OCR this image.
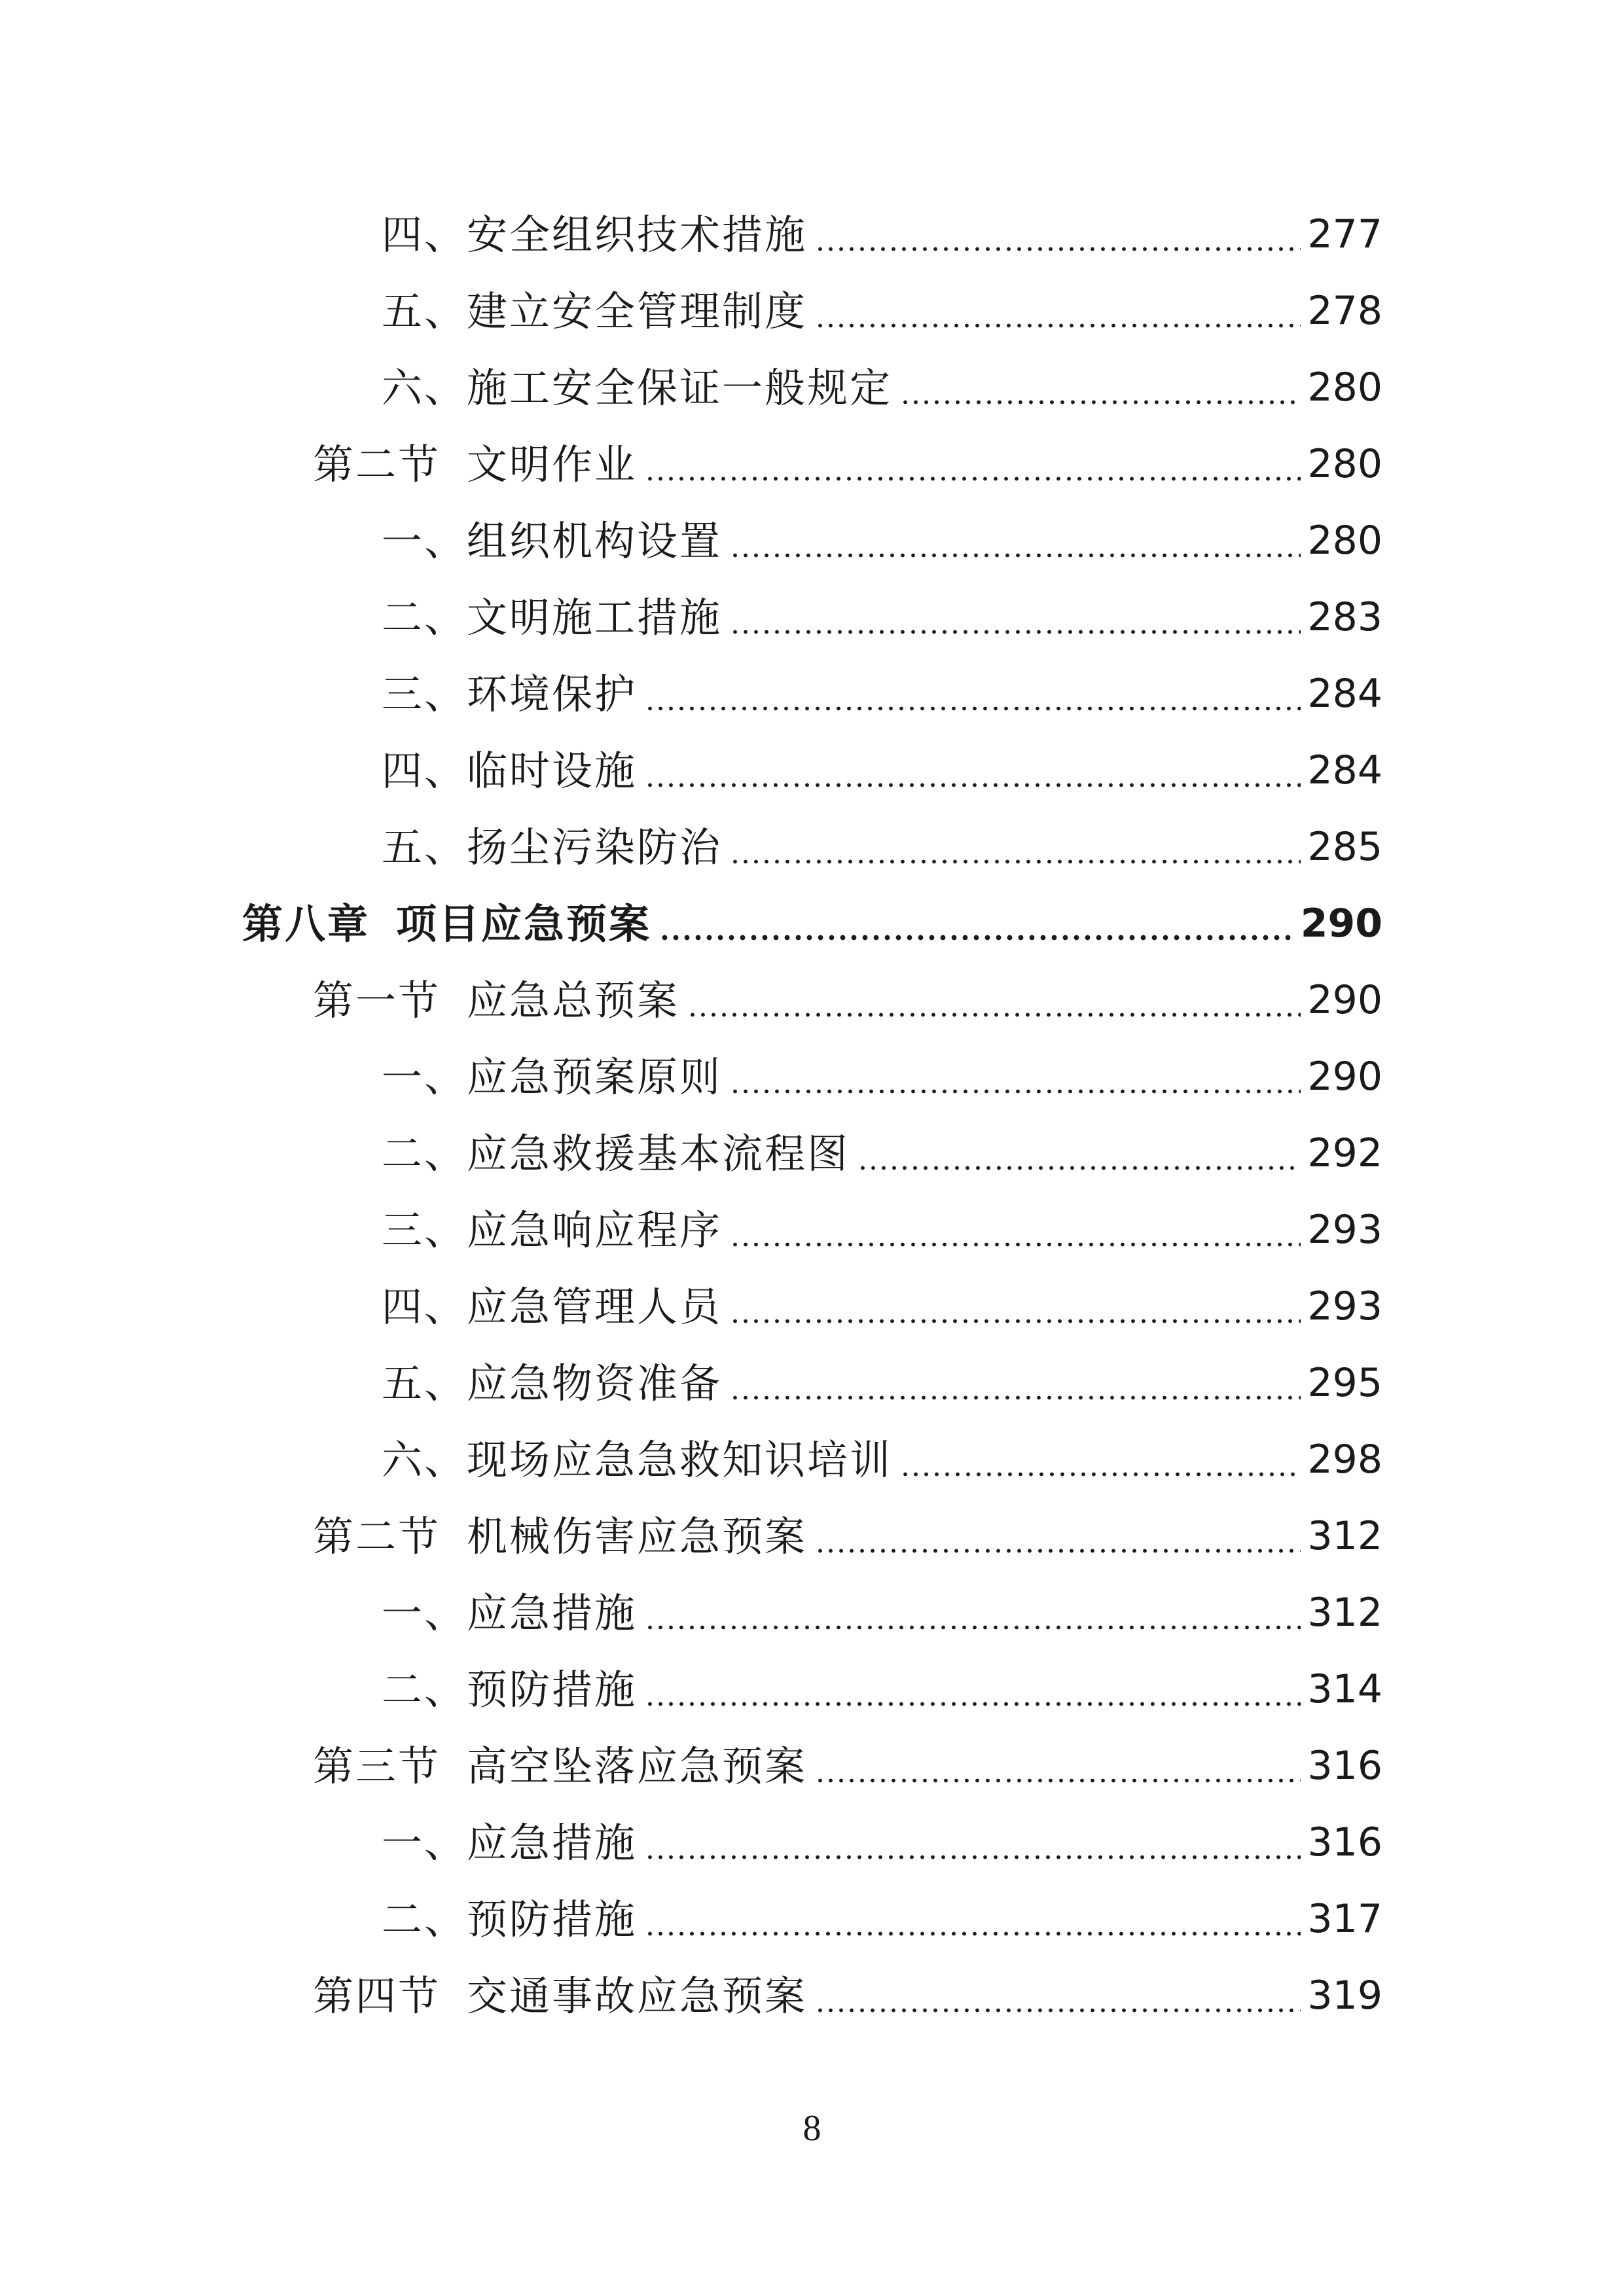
四、安全组织技术措施	277
五、建立安全管理制度	278
六、施工安全保证一般规定	280
第二节 文明作业	280
一、组织机构设置	280
二、文明施工措施	283
三、环境保护	284
四、临时设施	284
五、扬尘污染防治	285
第八章 项目应急预案	290
第一节 应急总预案	290
一、应急预案原则	290
二、应急救援基本流程图	292
三、应急响应程序	293
四、应急管理人员	293
五、应急物资准备	295
六、现场应急急救知识培训	298
第二节 机械伤害应急预案	312
一、应急措施	312
二、预防措施	314
第三节 高空坠落应急预案	316
一、应急措施	316
二、预防措施	317
第四节 交通事故应急预案	319
8
